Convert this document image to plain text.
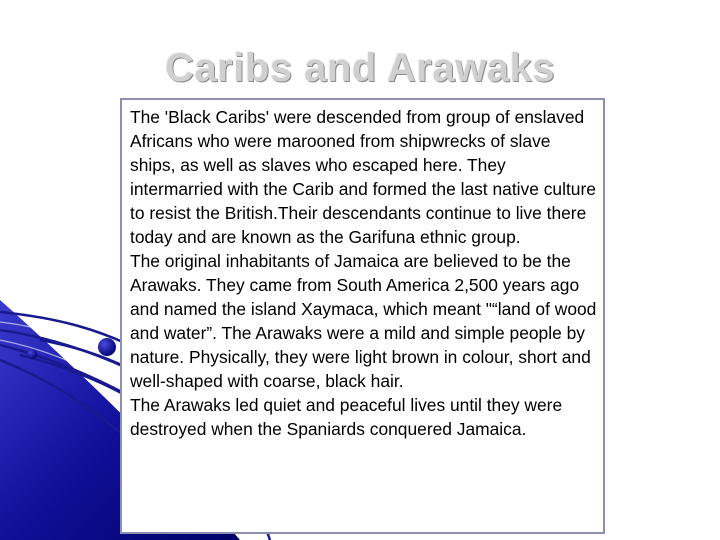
Caribs and Arawaks

The 'Black Caribs' were descended from group of enslaved Africans who were marooned from shipwrecks of slave ships, as well as slaves who escaped here. They intermarried with the Carib and formed the last native culture to resist the British.Their descendants continue to live there today and are known as the Garifuna ethnic group.

The original inhabitants of Jamaica are believed to be the Arawaks. They came from South America 2,500 years ago and named the island Xaymaca, which meant "“land of wood and water”. The Arawaks were a mild and simple people by nature. Physically, they were light brown in colour, short and well-shaped with coarse, black hair.

The Arawaks led quiet and peaceful lives until they were destroyed when the Spaniards conquered Jamaica.
